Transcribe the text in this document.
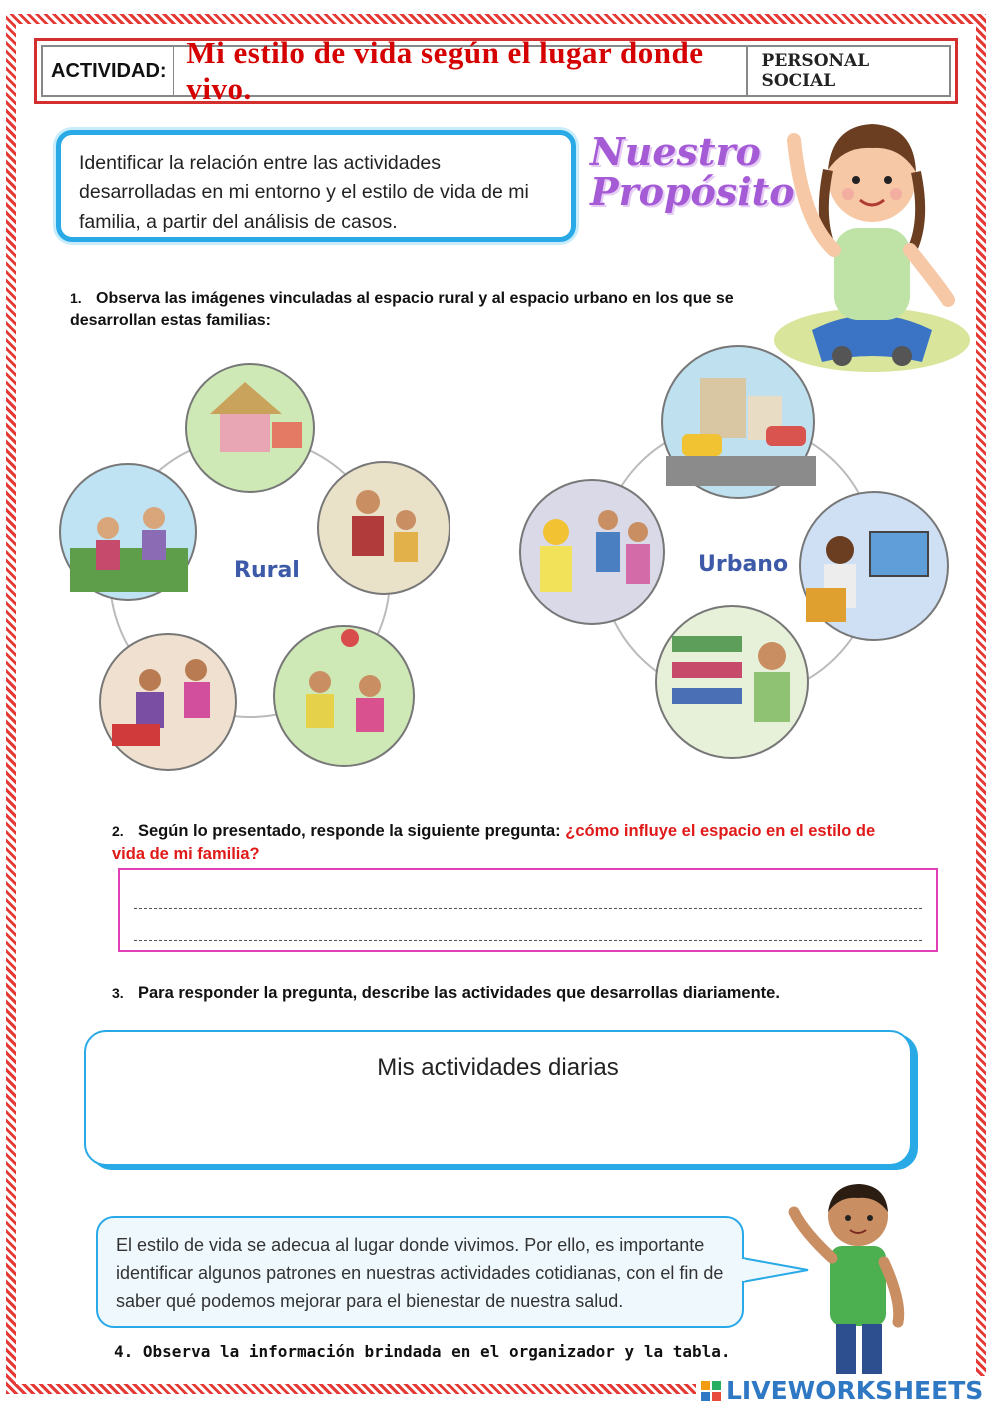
ACTIVIDAD:
Mi estilo de vida según el lugar donde vivo.
PERSONAL SOCIAL
Identificar la relación entre las actividades desarrolladas en mi entorno y el estilo de vida de mi familia, a partir del análisis de casos.
Nuestro
Propósito
1. Observa las imágenes vinculadas al espacio rural y al espacio urbano en los que se desarrollan estas familias:
Rural	Urbano
2. Según lo presentado, responde la siguiente pregunta: ¿cómo influye el espacio en el estilo de vida de mi familia?
3. Para responder la pregunta, describe las actividades que desarrollas diariamente.
Mis actividades diarias
El estilo de vida se adecua al lugar donde vivimos. Por ello, es importante identificar algunos patrones en nuestras actividades cotidianas, con el fin de saber qué podemos mejorar para el bienestar de nuestra salud.
4. Observa la información brindada en el organizador y la tabla.
LIVEWORKSHEETS
